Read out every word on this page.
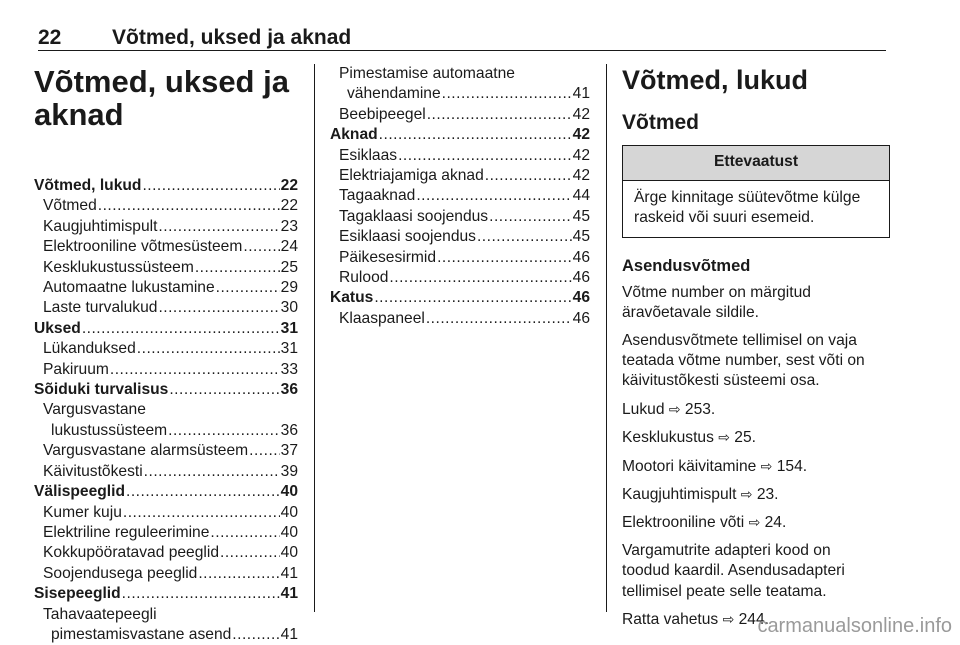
22 Võtmed, uksed ja aknad
Võtmed, uksed ja
aknad
Võtmed, lukud .....	22
Võtmed .....	22
Kaugjuhtimispult .....	23
Elektrooniline võtmesüsteem ..... 24
Kesklukustussüsteem .....	25
Automaatne lukustamine .....	29
Laste turvalukud .....	30
Uksed .....	31
Lükanduksed .....	31
Pakiruum .....	33
Sõiduki turvalisus .....	36
Vargusvastane
lukustussüsteem .....	36
Vargusvastane alarmsüsteem ..... 37
Käivitustõkesti .....	39
Välispeeglid .....	40
Kumer kuju .....	40
Elektriline reguleerimine .....	40
Kokkupööratavad peeglid .....	40
Soojendusega peeglid .....	41
Sisepeeglid .....	41
Tahavaatepeegli
pimestamisvastane asend .....	41
Pimestamise automaatne
vähendamine .....	41
Beebipeegel .....	42
Aknad .....	42
Esiklaas .....	42
Elektriajamiga aknad .....	42
Tagaaknad .....	44
Tagaklaasi soojendus .....	45
Esiklaasi soojendus .....	45
Päikesesirmid .....	46
Rulood .....	46
Katus .....	46
Klaaspaneel .....	46
Võtmed, lukud
Võtmed
Ettevaatust
Ärge kinnitage süütevõtme külge
raskeid või suuri esemeid.
Asendusvõtmed
Võtme number on märgitud
äravõetavale sildile.
Asendusvõtmete tellimisel on vaja
teatada võtme number, sest võti on
käivitustõkesti süsteemi osa.
Lukud ⇨ 253.
Kesklukustus ⇨ 25.
Mootori käivitamine ⇨ 154.
Kaugjuhtimispult ⇨ 23.
Elektrooniline võti ⇨ 24.
Vargamutrite adapteri kood on
toodud kaardil. Asendusadapteri
tellimisel peate selle teatama.
Ratta vahetus ⇨ 244.
carmanualsonline.info
